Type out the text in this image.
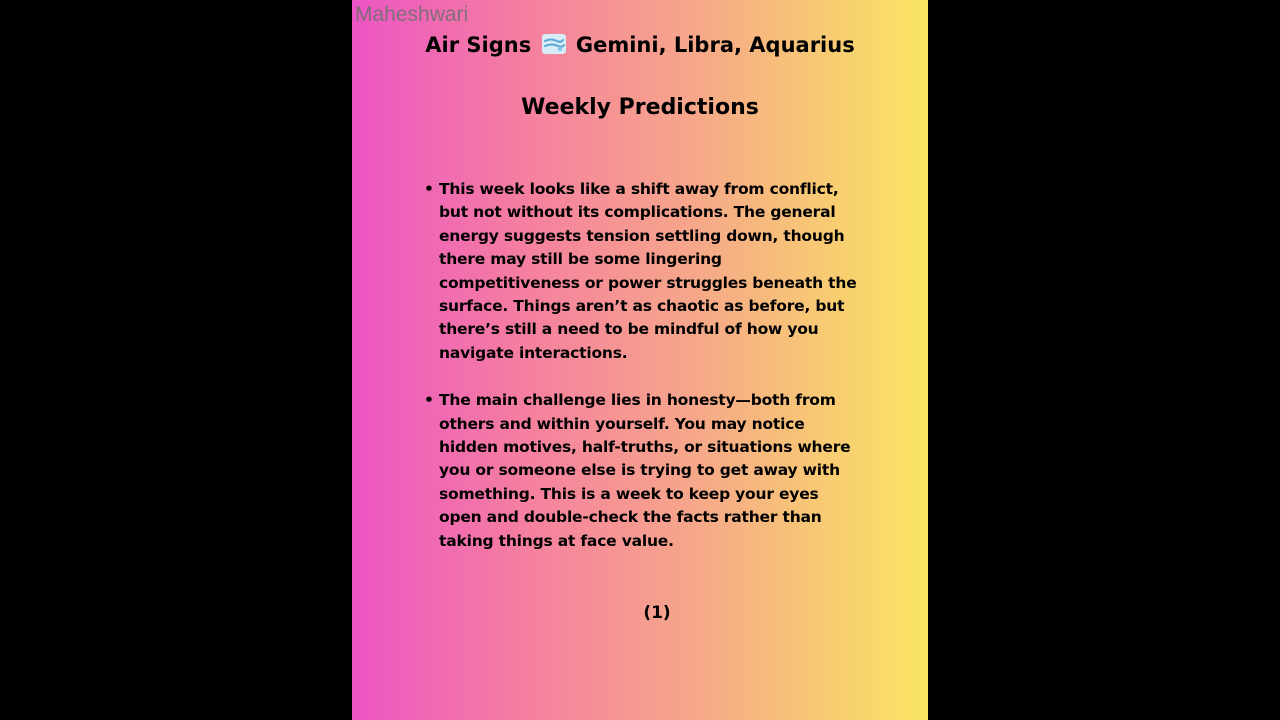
Maheshwari
Air Signs Gemini, Libra, Aquarius
Weekly Predictions
• This week looks like a shift away from conflict, but not without its complications. The general energy suggests tension settling down, though there may still be some lingering competitiveness or power struggles beneath the surface. Things aren’t as chaotic as before, but there’s still a need to be mindful of how you navigate interactions.
• The main challenge lies in honesty—both from others and within yourself. You may notice hidden motives, half-truths, or situations where you or someone else is trying to get away with something. This is a week to keep your eyes open and double-check the facts rather than taking things at face value.
(1)
